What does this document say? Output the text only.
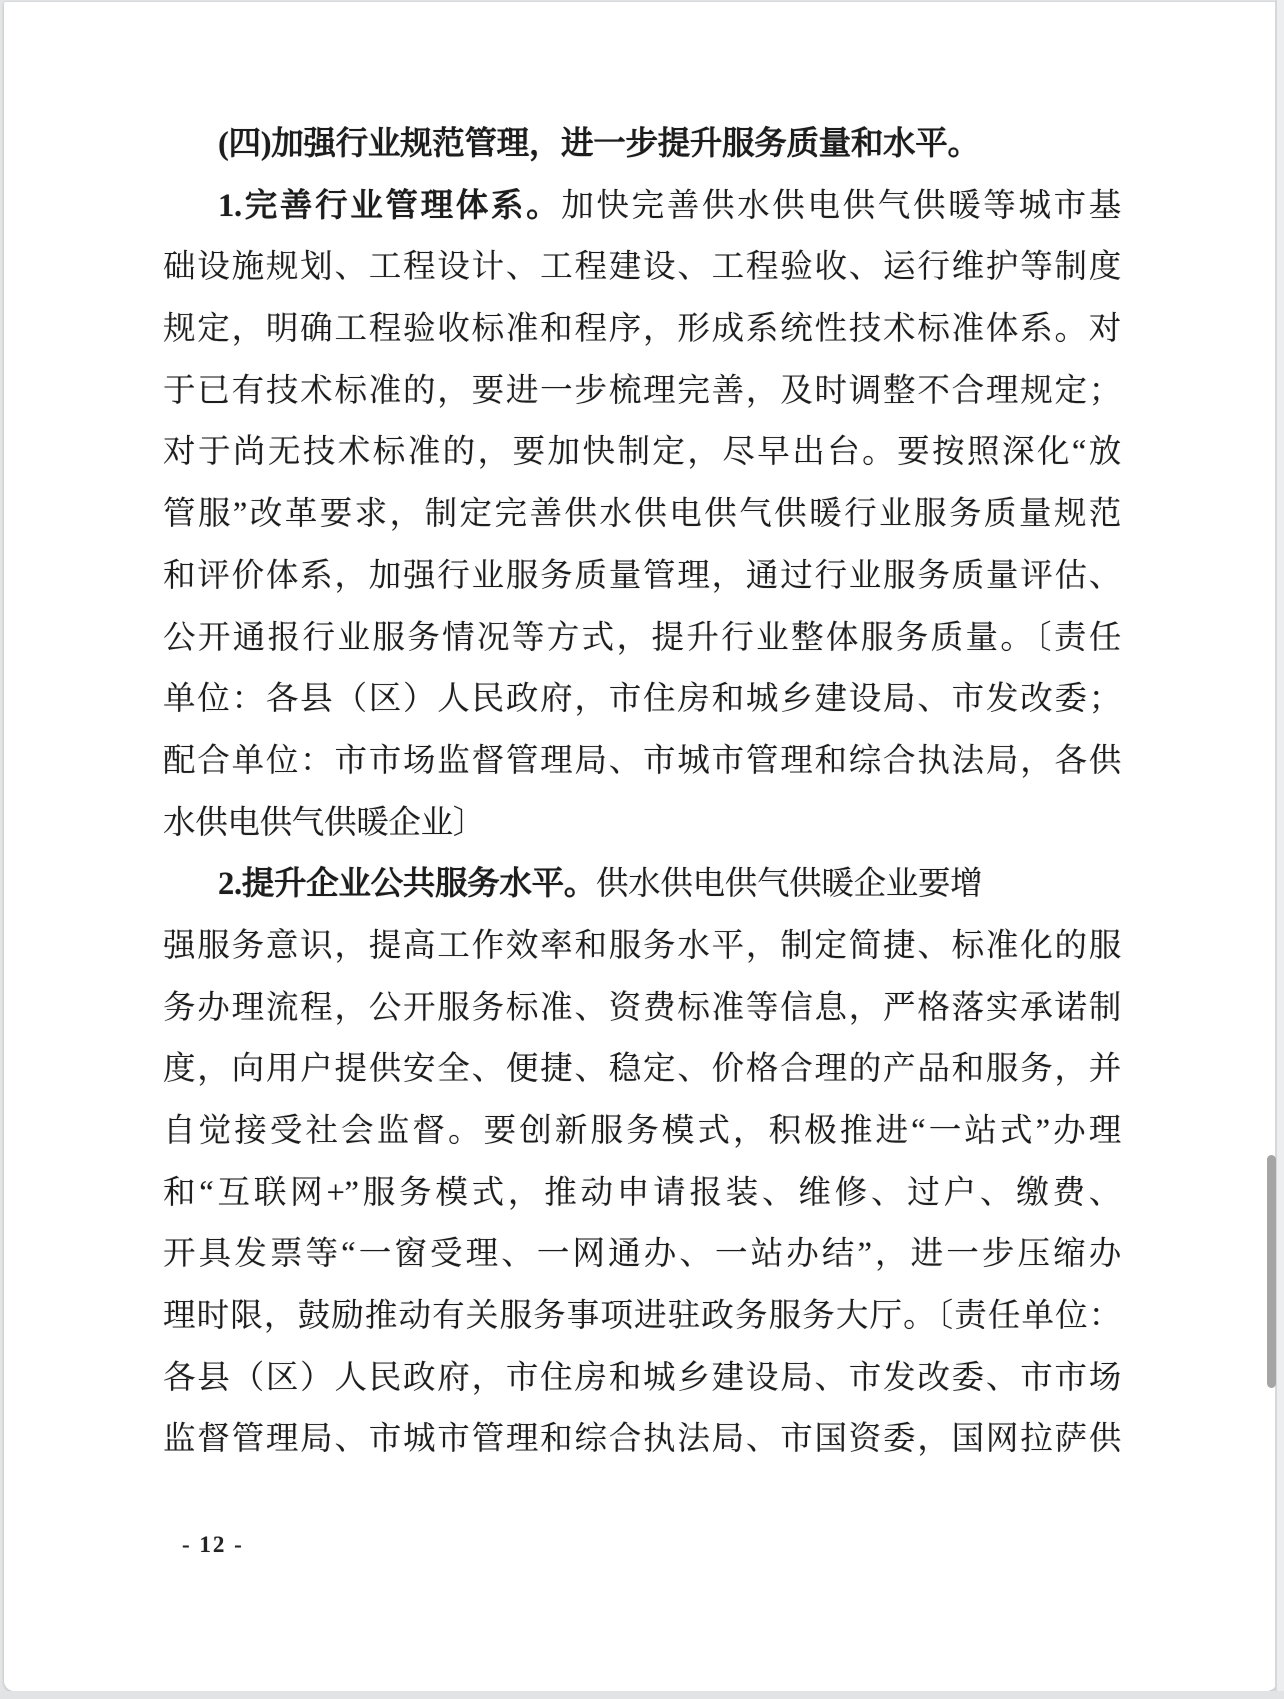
(四)加强行业规范管理，进一步提升服务质量和水平。
1.完善行业管理体系。加快完善供水供电供气供暖等城市基
础设施规划、工程设计、工程建设、工程验收、运行维护等制度
规定，明确工程验收标准和程序，形成系统性技术标准体系。对
于已有技术标准的，要进一步梳理完善，及时调整不合理规定；
对于尚无技术标准的，要加快制定，尽早出台。要按照深化“放
管服”改革要求，制定完善供水供电供气供暖行业服务质量规范
和评价体系，加强行业服务质量管理，通过行业服务质量评估、
公开通报行业服务情况等方式，提升行业整体服务质量。〔责任
单位：各县（区）人民政府，市住房和城乡建设局、市发改委；
配合单位：市市场监督管理局、市城市管理和综合执法局，各供
水供电供气供暖企业〕
2.提升企业公共服务水平。供水供电供气供暖企业要增
强服务意识，提高工作效率和服务水平，制定简捷、标准化的服
务办理流程，公开服务标准、资费标准等信息，严格落实承诺制
度，向用户提供安全、便捷、稳定、价格合理的产品和服务，并
自觉接受社会监督。要创新服务模式，积极推进“一站式”办理
和“互联网+”服务模式，推动申请报装、维修、过户、缴费、
开具发票等“一窗受理、一网通办、一站办结”，进一步压缩办
理时限，鼓励推动有关服务事项进驻政务服务大厅。〔责任单位：
各县（区）人民政府，市住房和城乡建设局、市发改委、市市场
监督管理局、市城市管理和综合执法局、市国资委，国网拉萨供
- 12 -
